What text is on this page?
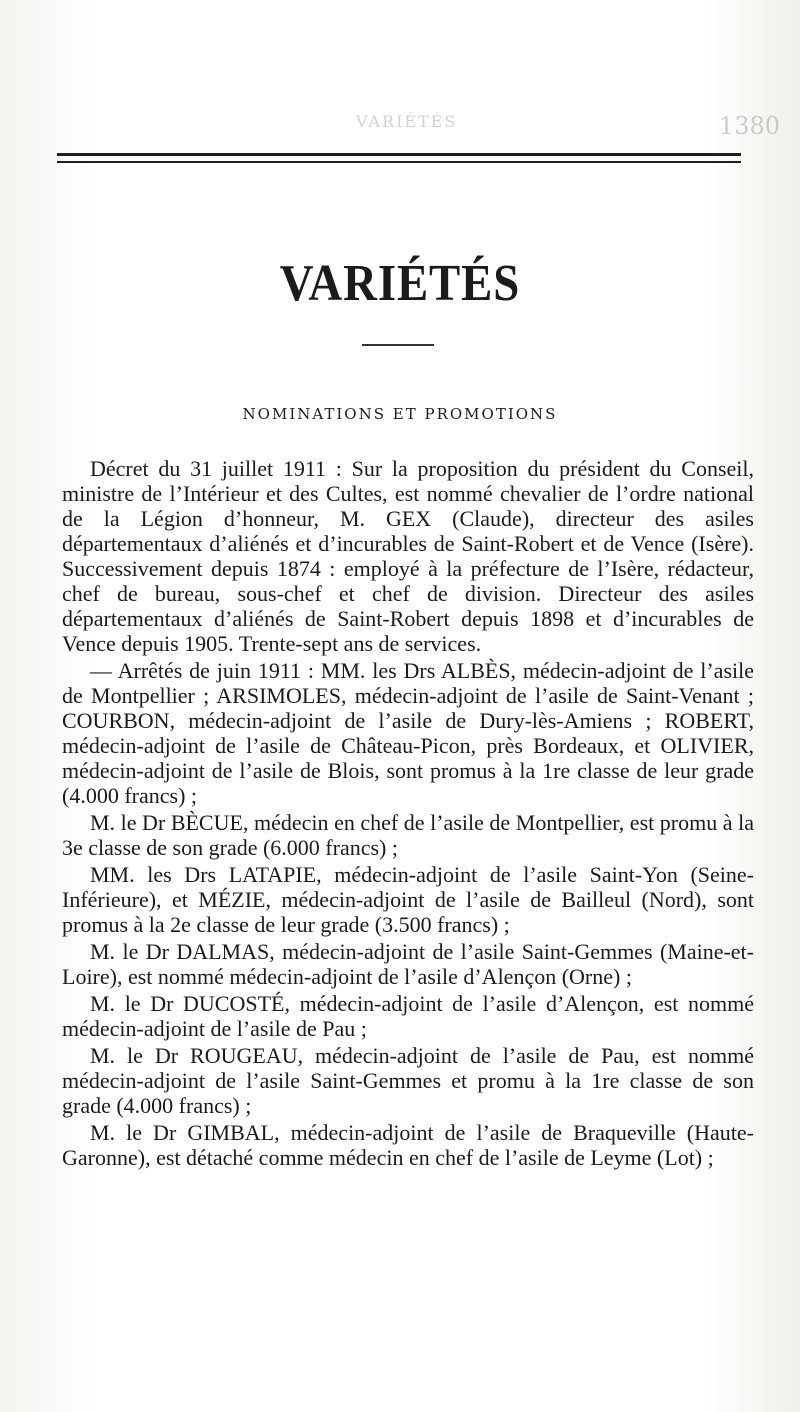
VARIÉTÉS	1380
VARIÉTÉS
NOMINATIONS ET PROMOTIONS

Décret du 31 juillet 1911 : Sur la proposition du président du Conseil, ministre de l’Intérieur et des Cultes, est nommé chevalier de l’ordre national de la Légion d’honneur, M. GEX (Claude), directeur des asiles départementaux d’aliénés et d’incurables de Saint-Robert et de Vence (Isère). Successivement depuis 1874 : employé à la préfecture de l’Isère, rédacteur, chef de bureau, sous-chef et chef de division. Directeur des asiles départementaux d’aliénés de Saint-Robert depuis 1898 et d’incurables de Vence depuis 1905. Trente-sept ans de services.

— Arrêtés de juin 1911 : MM. les Drs ALBÈS, médecin-adjoint de l’asile de Montpellier ; ARSIMOLES, médecin-adjoint de l’asile de Saint-Venant ; COURBON, médecin-adjoint de l’asile de Dury-lès-Amiens ; ROBERT, médecin-adjoint de l’asile de Château-Picon, près Bordeaux, et OLIVIER, médecin-adjoint de l’asile de Blois, sont promus à la 1re classe de leur grade (4.000 francs) ;

M. le Dr BÈCUE, médecin en chef de l’asile de Montpellier, est promu à la 3e classe de son grade (6.000 francs) ;

MM. les Drs LATAPIE, médecin-adjoint de l’asile Saint-Yon (Seine-Inférieure), et MÉZIE, médecin-adjoint de l’asile de Bailleul (Nord), sont promus à la 2e classe de leur grade (3.500 francs) ;

M. le Dr DALMAS, médecin-adjoint de l’asile Saint-Gemmes (Maine-et-Loire), est nommé médecin-adjoint de l’asile d’Alençon (Orne) ;

M. le Dr DUCOSTÉ, médecin-adjoint de l’asile d’Alençon, est nommé médecin-adjoint de l’asile de Pau ;

M. le Dr ROUGEAU, médecin-adjoint de l’asile de Pau, est nommé médecin-adjoint de l’asile Saint-Gemmes et promu à la 1re classe de son grade (4.000 francs) ;

M. le Dr GIMBAL, médecin-adjoint de l’asile de Braqueville (Haute-Garonne), est détaché comme médecin en chef de l’asile de Leyme (Lot) ;
